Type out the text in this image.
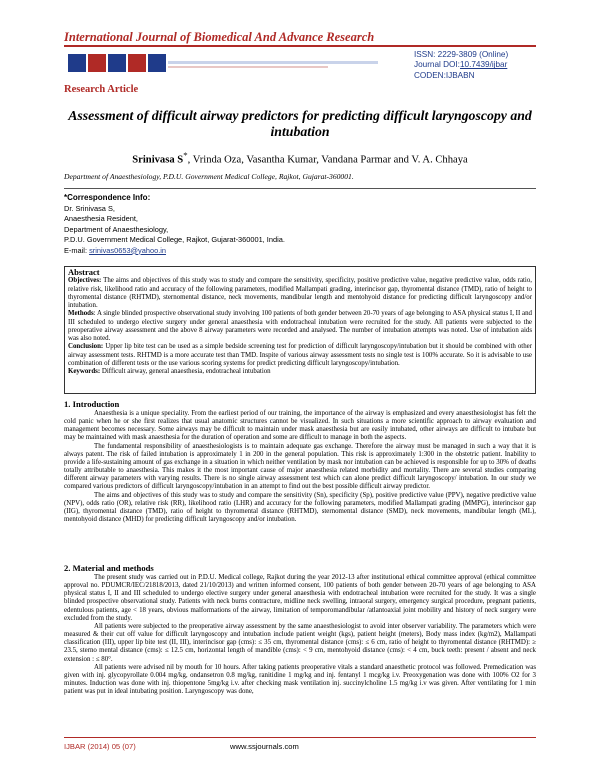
International Journal of Biomedical And Advance Research
ISSN: 2229-3809 (Online)
Journal DOI:10.7439/ijbar
CODEN:IJBABN
Research Article
Assessment of difficult airway predictors for predicting difficult laryngoscopy and intubation
Srinivasa S*, Vrinda Oza, Vasantha Kumar, Vandana Parmar and V. A. Chhaya
Department of Anaesthesiology, P.D.U. Government Medical College, Rajkot, Gujarat-360001.
*Correspondence Info:
Dr. Srinivasa S,
Anaesthesia Resident,
Department of Anaesthesiology,
P.D.U. Government Medical College, Rajkot, Gujarat-360001, India.
E-mail: srinivas0653@yahoo.in
Abstract
Objectives: The aims and objectives of this study was to study and compare the sensitivity, specificity, positive predictive value, negative predictive value, odds ratio, relative risk, likelihood ratio and accuracy of the following parameters, modified Mallampati grading, interincisor gap, thyromental distance (TMD), ratio of height to thyromental distance (RHTMD), sternomental distance, neck movements, mandibular length and mentohyoid distance for predicting difficult laryngoscopy and/or intubation.
Methods: A single blinded prospective observational study involving 100 patients of both gender between 20-70 years of age belonging to ASA physical status I, II and III scheduled to undergo elective surgery under general anaesthesia with endotracheal intubation were recruited for the study. All patients were subjected to the preoperative airway assessment and the above 8 airway parameters were recorded and analysed. The number of intubation attempts was noted. Use of intubation aids was also noted.
Conclusion: Upper lip bite test can be used as a simple bedside screening test for prediction of difficult laryngoscopy/intubation but it should be combined with other airway assessment tests. RHTMD is a more accurate test than TMD. Inspite of various airway assessment tests no single test is 100% accurate. So it is advisable to use combination of different tests or the use various scoring systems for predict predicting difficult laryngoscopy/intubation.
Keywords: Difficult airway, general anaesthesia, endotracheal intubation
1. Introduction
Anaesthesia is a unique speciality. From the earliest period of our training, the importance of the airway is emphasized and every anaesthesiologist has felt the cold panic when he or she first realizes that usual anatomic structures cannot be visualized. In such situations a more scientific approach to airway evaluation and management becomes necessary. Some airways may be difficult to maintain under mask anaesthesia but are easily intubated, other airways are difficult to intubate but may be maintained with mask anaesthesia for the duration of operation and some are difficult to manage in both the aspects.
The fundamental responsibility of anaesthesiologists is to maintain adequate gas exchange. Therefore the airway must be managed in such a way that it is always patent. The risk of failed intubation is approximately 1 in 200 in the general population. This risk is approximately 1:300 in the obstetric patient. Inability to provide a life-sustaining amount of gas exchange in a situation in which neither ventilation by mask nor intubation can be achieved is responsible for up to 30% of deaths totally attributable to anaesthesia. This makes it the most important cause of major anaesthesia related morbidity and mortality. There are several studies comparing different airway parameters with varying results. There is no single airway assessment test which can alone predict difficult laryngoscopy/ intubation. In our study we compared various predictors of difficult laryngoscopy/intubation in an attempt to find out the best possible difficult airway predictor.
The aims and objectives of this study was to study and compare the sensitivity (Sn), specificity (Sp), positive predictive value (PPV), negative predictive value (NPV), odds ratio (OR), relative risk (RR), likelihood ratio (LHR) and accuracy for the following parameters, modified Mallampati grading (MMPG), interincisor gap (IIG), thyromental distance (TMD), ratio of height to thyromental distance (RHTMD), sternomental distance (SMD), neck movements, mandibular length (ML), mentohyoid distance (MHD) for predicting difficult laryngoscopy and/or intubation.
2. Material and methods
The present study was carried out in P.D.U. Medical college, Rajkot during the year 2012-13 after institutional ethical committee approval (ethical committee approval no. PDUMCR/IEC/21818/2013, dated 21/10/2013) and written informed consent, 100 patients of both gender between 20-70 years of age belonging to ASA physical status I, II and III scheduled to undergo elective surgery under general anaesthesia with endotracheal intubation were recruited for the study. It was a single blinded prospective observational study. Patients with neck burns contracture, midline neck swelling, intraoral surgery, emergency surgical procedure, pregnant patients, edentulous patients, age < 18 years, obvious malformations of the airway, limitation of temporomandibular /atlantoaxial joint mobility and history of neck surgery were excluded from the study.
All patients were subjected to the preoperative airway assessment by the same anaesthesiologist to avoid inter observer variability. The parameters which were measured & their cut off value for difficult laryngoscopy and intubation include patient weight (kgs), patient height (meters), Body mass index (kg/m2), Mallampati classification (III), upper lip bite test (II, III), interincisor gap (cms): ≤ 35 cm, thyromental distance (cms): ≤ 6 cm, ratio of height to thyromental distance (RHTMD): ≥ 23.5, sterno mental distance (cms): ≤ 12.5 cm, horizontal length of mandible (cms): < 9 cm, mentohyoid distance (cms): < 4 cm, buck teeth: present / absent and neck extension : ≤ 80°.
All patients were advised nil by mouth for 10 hours. After taking patients preoperative vitals a standard anaesthetic protocol was followed. Premedication was given with inj. glycopyrollate 0.004 mg/kg, ondansetron 0.8 mg/kg, ranitidine 1 mg/kg and inj. fentanyl 1 mcg/kg i.v. Preoxygenation was done with 100% O2 for 3 minutes. Induction was done with inj. thiopentone 5mg/kg i.v. after checking mask ventilation inj. succinylcholine 1.5 mg/kg i.v was given. After ventilating for 1 min patient was put in ideal intubating position. Laryngoscopy was done,
IJBAR (2014) 05 (07)	www.ssjournals.com
